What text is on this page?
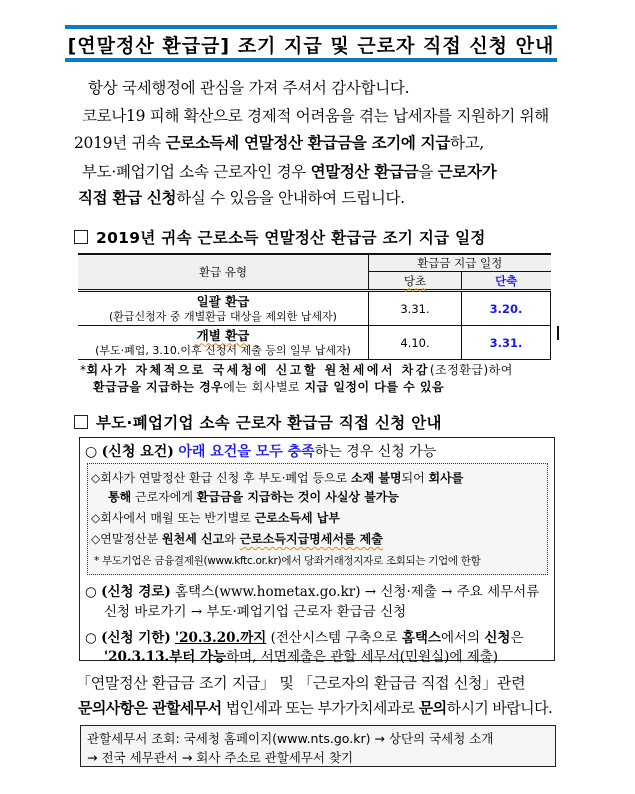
[연말정산 환급금] 조기 지급 및 근로자 직접 신청 안내
항상 국세행정에 관심을 가져 주셔서 감사합니다.
코로나19 피해 확산으로 경제적 어려움을 겪는 납세자를 지원하기 위해
2019년 귀속 근로소득세 연말정산 환급금을 조기에 지급하고,
부도·폐업기업 소속 근로자인 경우 연말정산 환급금을 근로자가
직접 환급 신청하실 수 있음을 안내하여 드립니다.
2019년 귀속 근로소득 연말정산 환급금 조기 지급 일정
환급 유형	환급금 지급 일정	
	당초	단축

일괄 환급
(환급신청자 중 개별환급 대상을 제외한 납세자)	3.31.	3.20.

개별 환급
(부도·폐업, 3.10.이후 신청서 제출 등의 일부 납세자)	4.10.	3.31.
*회사가 자체적으로 국세청에 신고할 원천세에서 차감(조정환급)하여
환급금을 지급하는 경우에는 회사별로 지급 일정이 다를 수 있음
부도·폐업기업 소속 근로자 환급금 직접 신청 안내
○ (신청 요건) 아래 요건을 모두 충족하는 경우 신청 가능
◇회사가 연말정산 환급 신청 후 부도·폐업 등으로 소재 불명되어 회사를
통해 근로자에게 환급금을 지급하는 것이 사실상 불가능
◇회사에서 매월 또는 반기별로 근로소득세 납부
◇연말정산분 원천세 신고와 근로소득지급명세서를 제출
* 부도기업은 금융결제원(www.kftc.or.kr)에서 당좌거래정지자로 조회되는 기업에 한함
○ (신청 경로) 홈택스(www.hometax.go.kr) → 신청·제출 → 주요 세무서류
신청 바로가기 → 부도·폐업기업 근로자 환급금 신청
○ (신청 기한) '20.3.20.까지 (전산시스템 구축으로 홈택스에서의 신청은
'20.3.13.부터 가능하며, 서면제출은 관할 세무서(민원실)에 제출)
「연말정산 환급금 조기 지급」 및 「근로자의 환급금 직접 신청」관련
문의사항은 관할세무서 법인세과 또는 부가가치세과로 문의하시기 바랍니다.
관할세무서 조회: 국세청 홈페이지(www.nts.go.kr) → 상단의 국세청 소개
→ 전국 세무관서 → 회사 주소로 관할세무서 찾기
